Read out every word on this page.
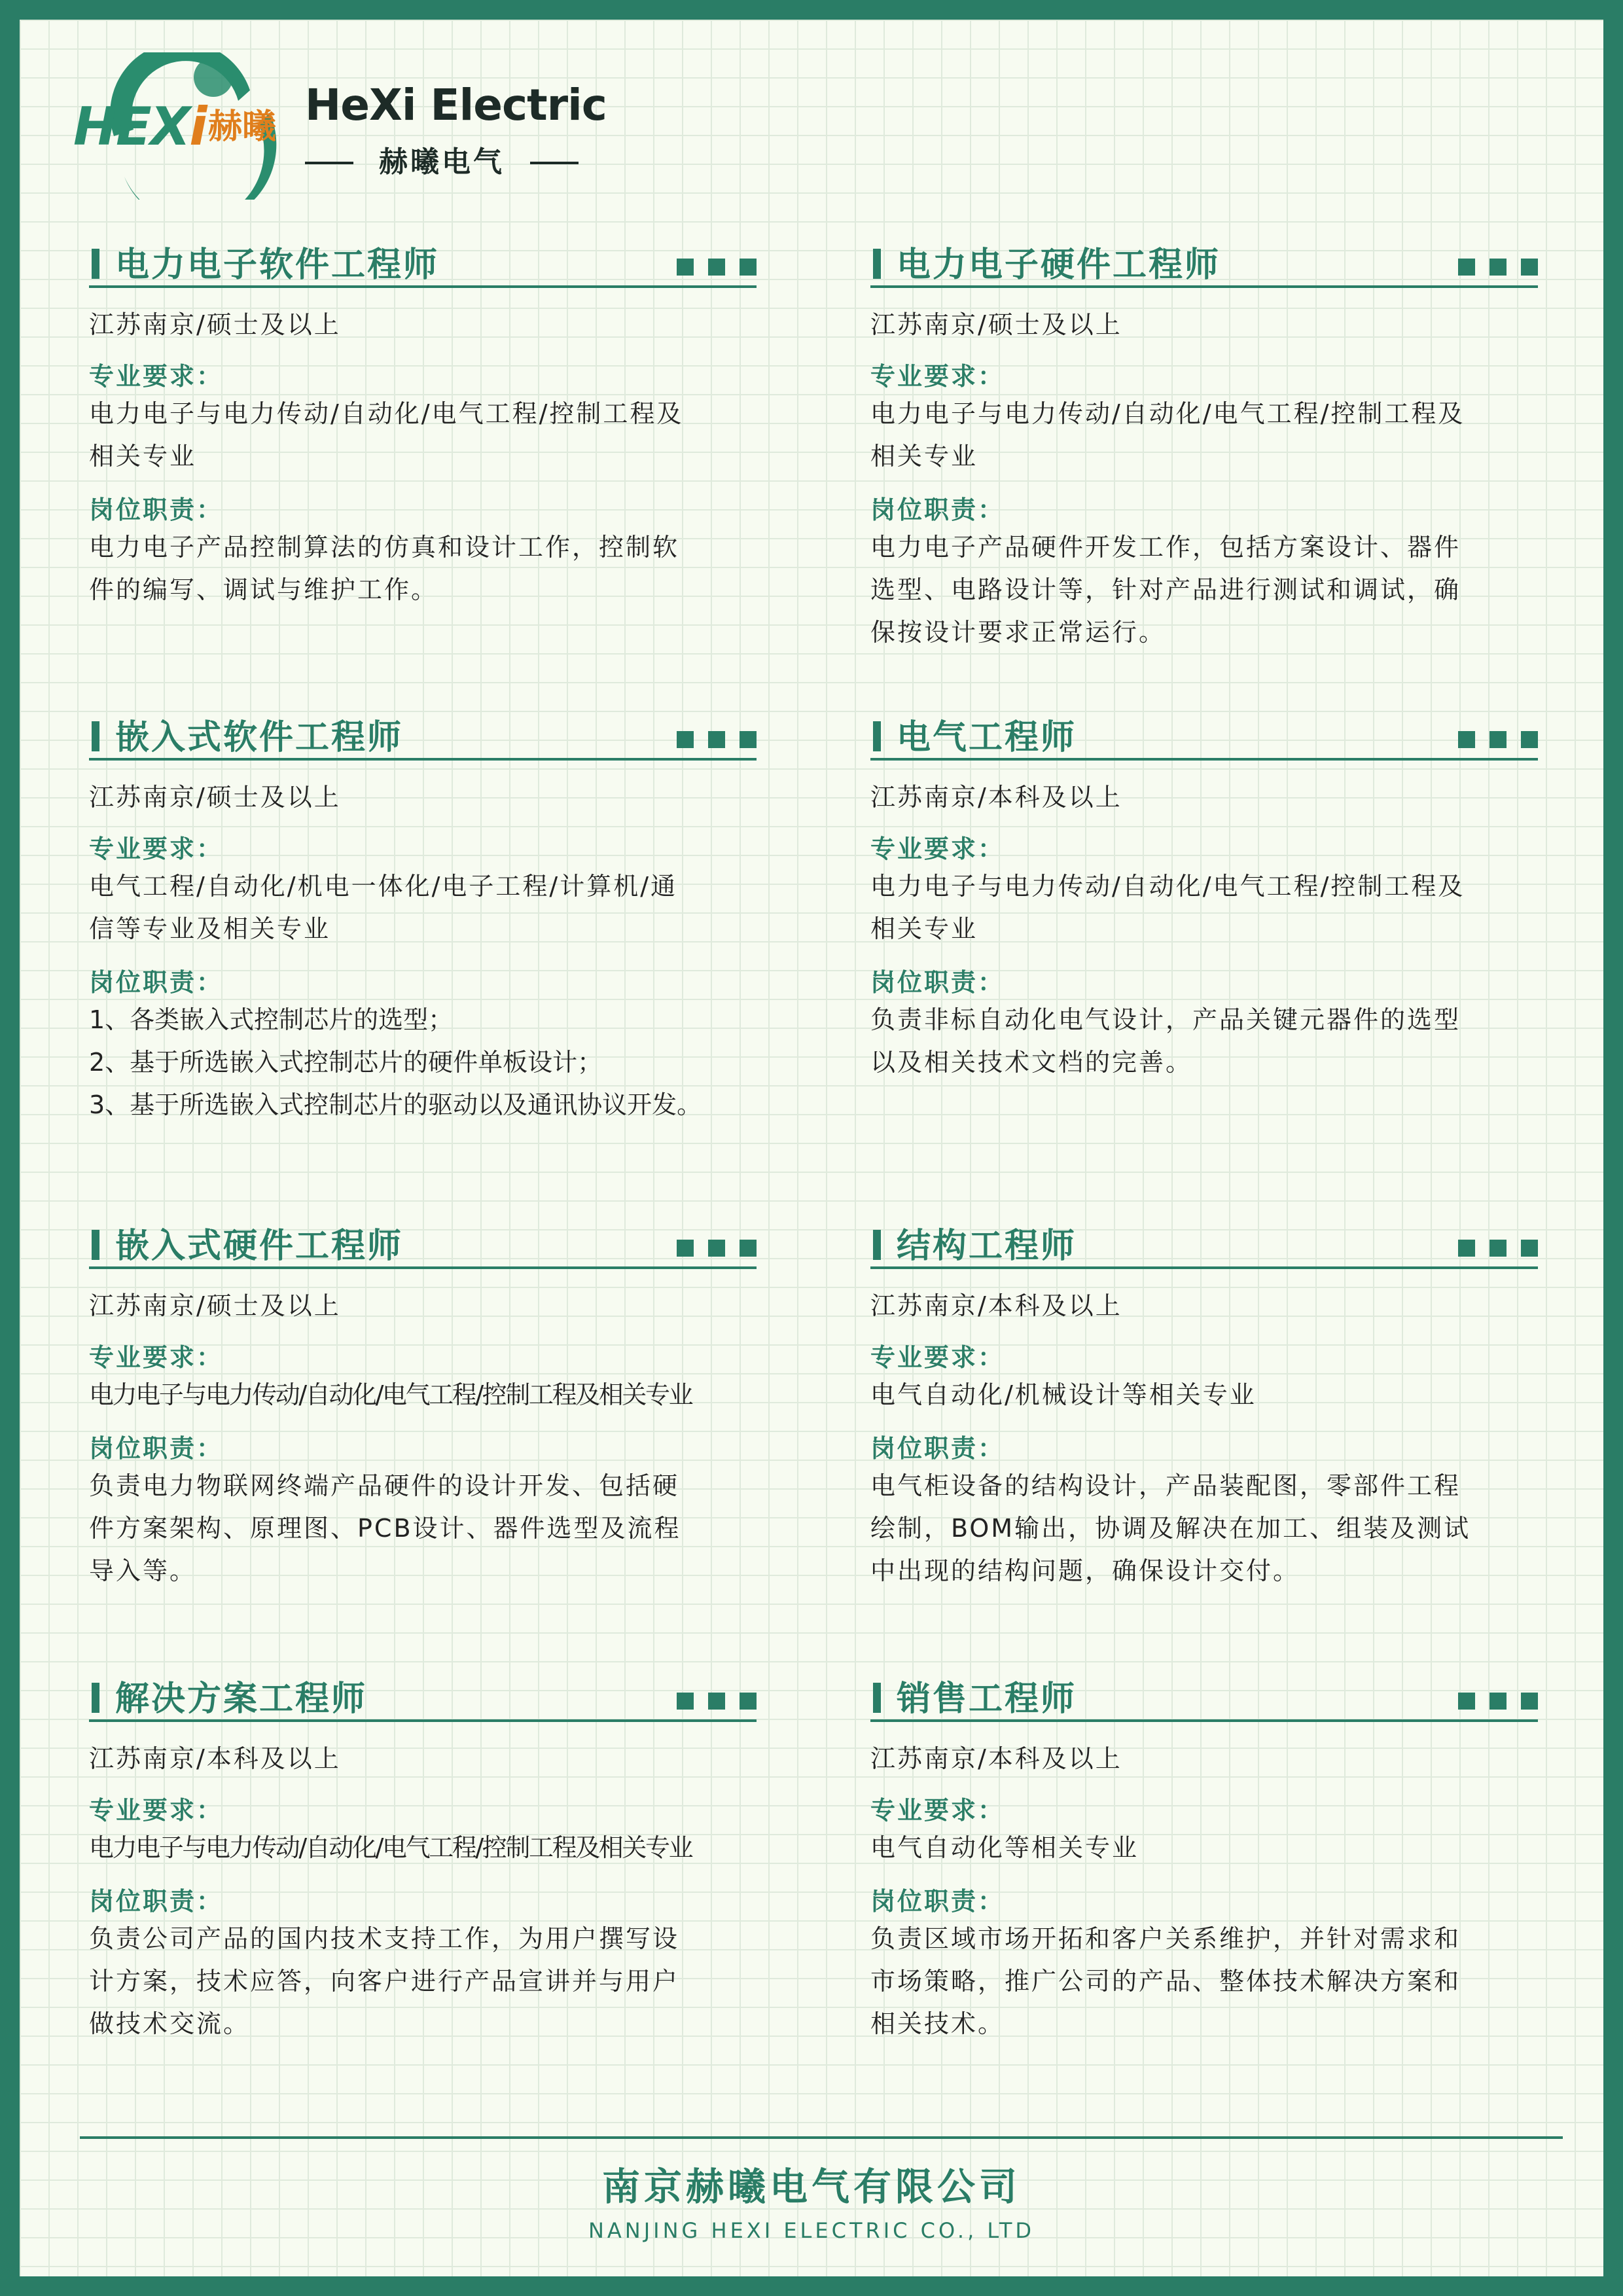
HEXi 赫曦 HeXi Electric
赫曦电气
电力电子软件工程师
江苏南京/硕士及以上
专业要求：
电力电子与电力传动/自动化/电气工程/控制工程及
相关专业
岗位职责：
电力电子产品控制算法的仿真和设计工作，控制软
件的编写、调试与维护工作。
电力电子硬件工程师
江苏南京/硕士及以上
专业要求：
电力电子与电力传动/自动化/电气工程/控制工程及
相关专业
岗位职责：
电力电子产品硬件开发工作，包括方案设计、器件
选型、电路设计等，针对产品进行测试和调试，确
保按设计要求正常运行。
嵌入式软件工程师
江苏南京/硕士及以上
专业要求：
电气工程/自动化/机电一体化/电子工程/计算机/通
信等专业及相关专业
岗位职责：
1、各类嵌入式控制芯片的选型；
2、基于所选嵌入式控制芯片的硬件单板设计；
3、基于所选嵌入式控制芯片的驱动以及通讯协议开发。
电气工程师
江苏南京/本科及以上
专业要求：
电力电子与电力传动/自动化/电气工程/控制工程及
相关专业
岗位职责：
负责非标自动化电气设计，产品关键元器件的选型
以及相关技术文档的完善。
嵌入式硬件工程师
江苏南京/硕士及以上
专业要求：
电力电子与电力传动/自动化/电气工程/控制工程及相关专业
岗位职责：
负责电力物联网终端产品硬件的设计开发、包括硬
件方案架构、原理图、PCB设计、器件选型及流程
导入等。
结构工程师
江苏南京/本科及以上
专业要求：
电气自动化/机械设计等相关专业
岗位职责：
电气柜设备的结构设计，产品装配图，零部件工程
绘制，BOM输出，协调及解决在加工、组装及测试
中出现的结构问题，确保设计交付。
解决方案工程师
江苏南京/本科及以上
专业要求：
电力电子与电力传动/自动化/电气工程/控制工程及相关专业
岗位职责：
负责公司产品的国内技术支持工作，为用户撰写设
计方案，技术应答，向客户进行产品宣讲并与用户
做技术交流。
销售工程师
江苏南京/本科及以上
专业要求：
电气自动化等相关专业
岗位职责：
负责区域市场开拓和客户关系维护，并针对需求和
市场策略，推广公司的产品、整体技术解决方案和
相关技术。
南京赫曦电气有限公司
NANJING HEXI ELECTRIC CO., LTD
